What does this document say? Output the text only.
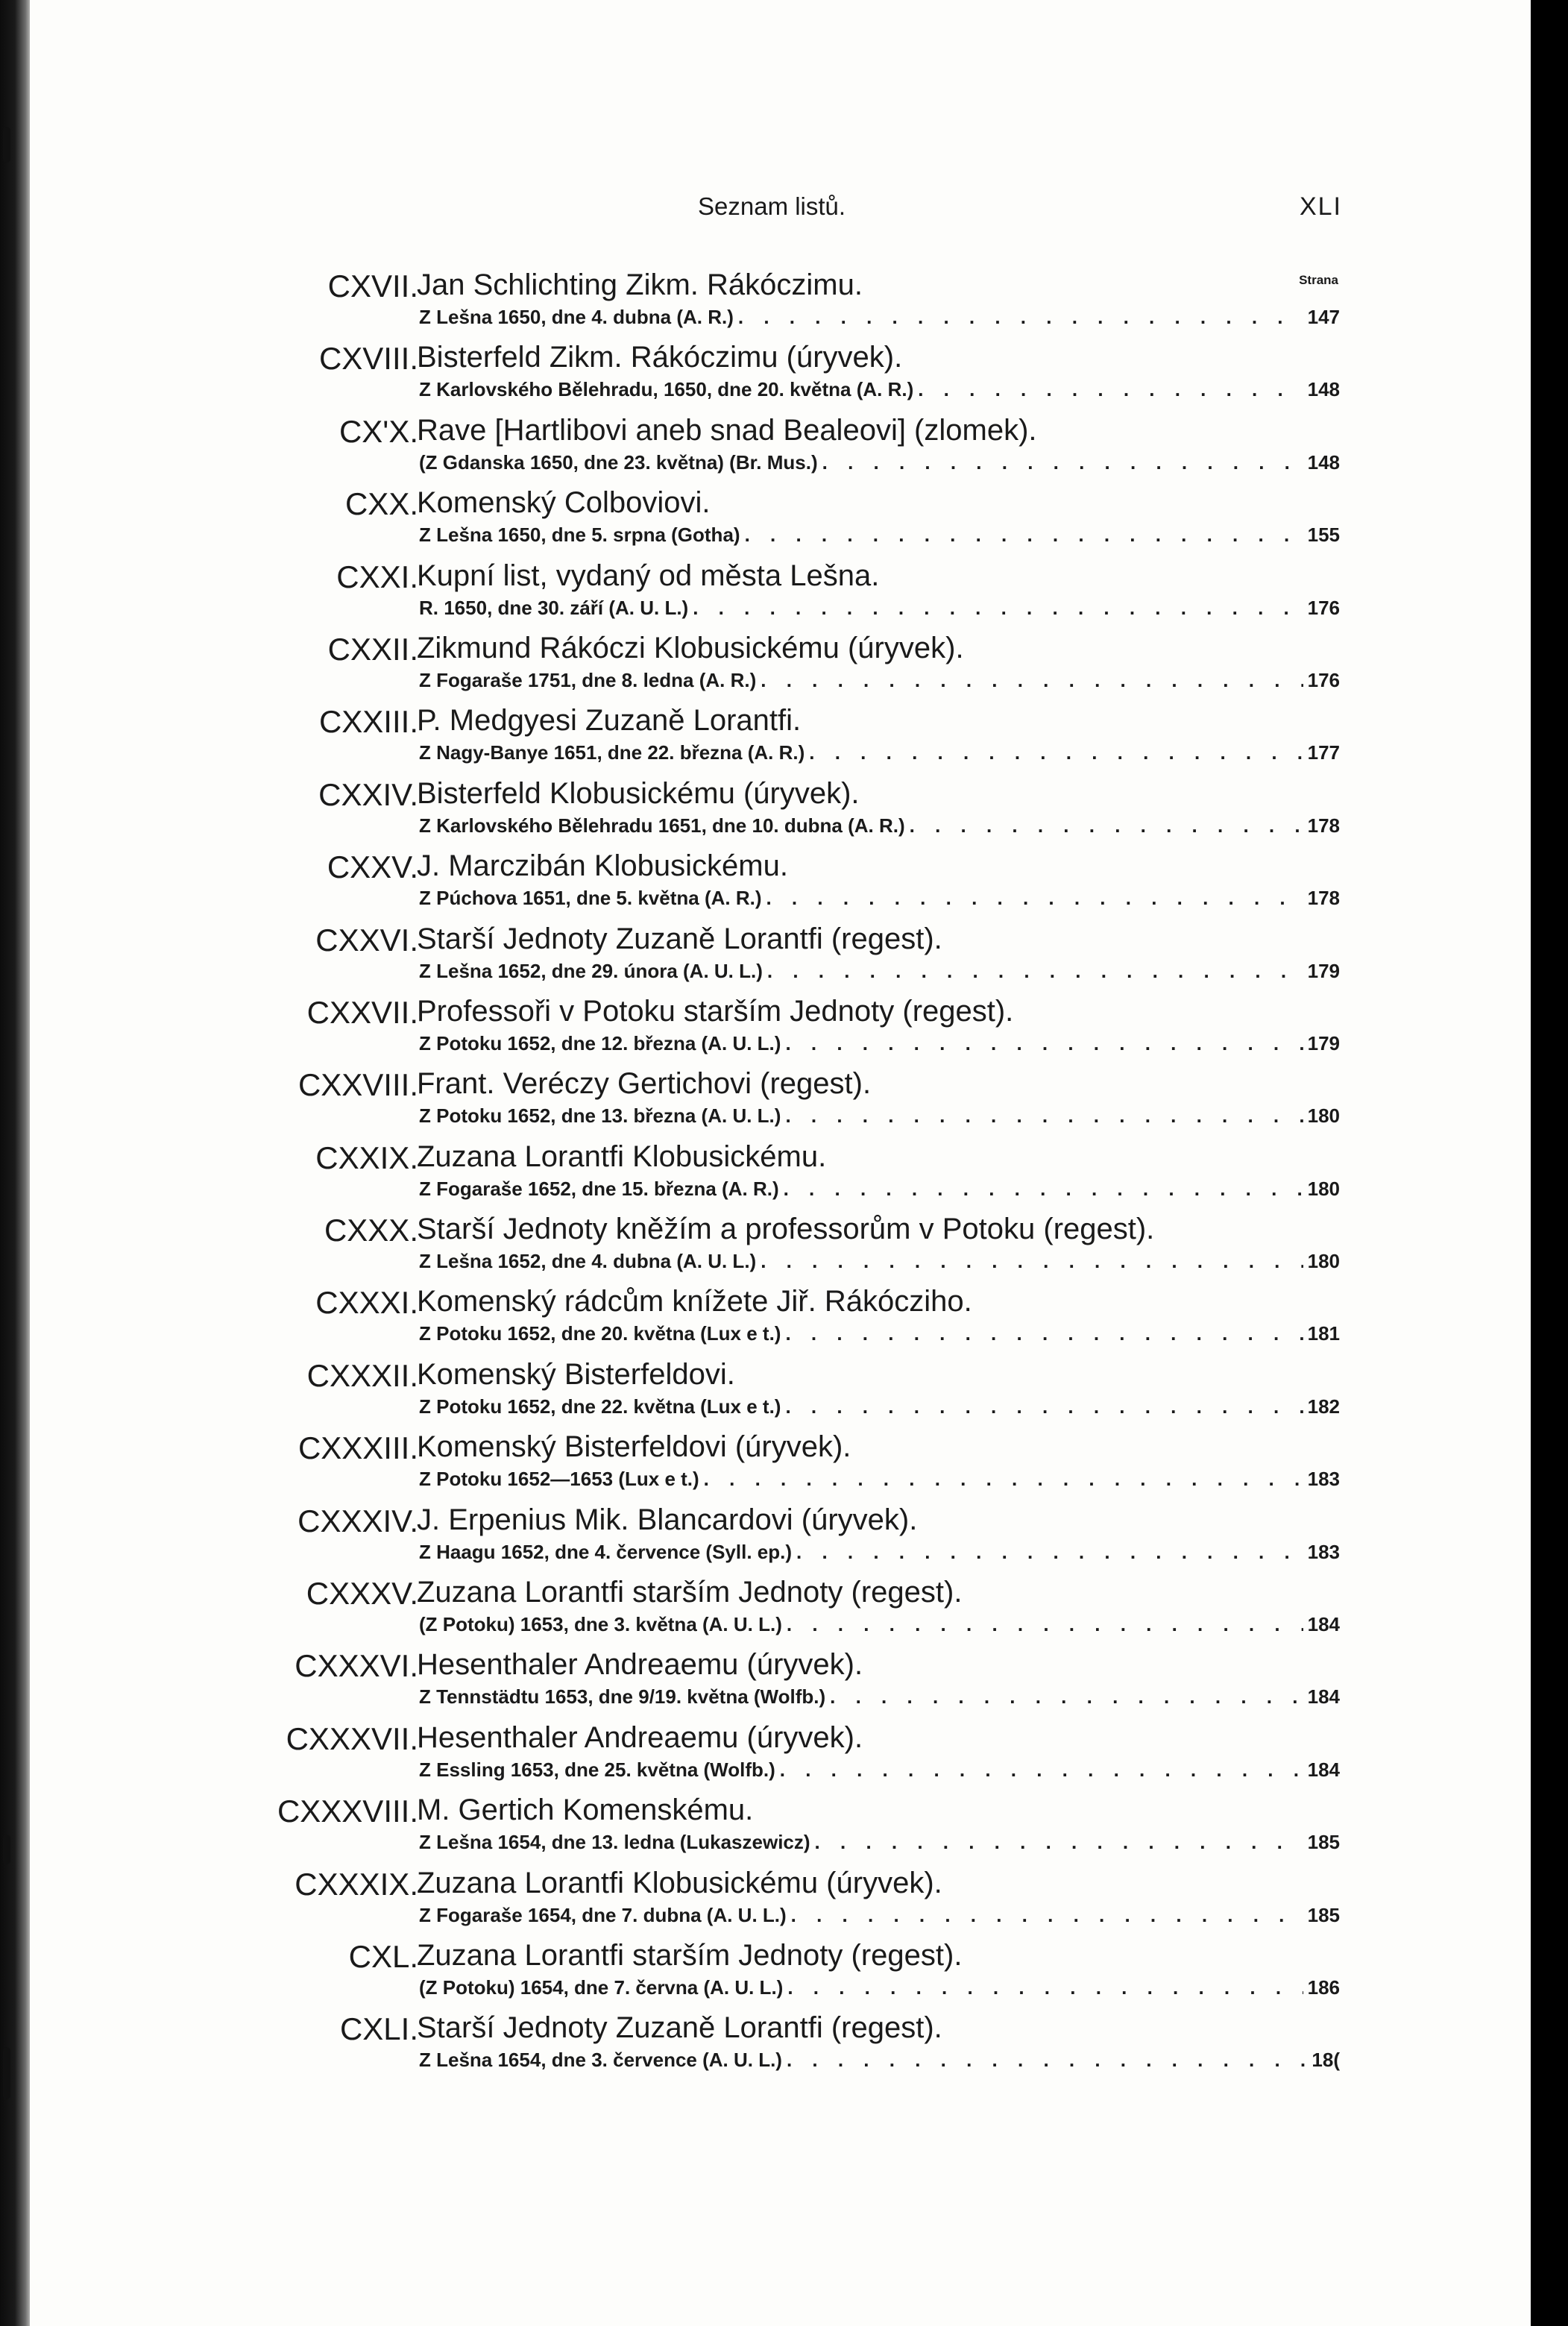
Seznam listů.	XLI
Strana
CXVII.
Jan Schlichting Zikm. Rákóczimu.
Z Lešna 1650, dne 4. dubna (A. R.) . . .	147
CXVIII.
Bisterfeld Zikm. Rákóczimu (úryvek).
Z Karlovského Bělehradu, 1650, dne 20. května (A. R.) . . .	148
CX'X.
Rave [Hartlibovi aneb snad Bealeovi] (zlomek).
(Z Gdanska 1650, dne 23. května) (Br. Mus.) . . .	148
CXX.
Komenský Colboviovi.
Z Lešna 1650, dne 5. srpna (Gotha) . . .	155
CXXI.
Kupní list, vydaný od města Lešna.
R. 1650, dne 30. září (A. U. L.) . . .	176
CXXII.
Zikmund Rákóczi Klobusickému (úryvek).
Z Fogaraše 1751, dne 8. ledna (A. R.) . . .	176
CXXIII.
P. Medgyesi Zuzaně Lorantfi.
Z Nagy-Banye 1651, dne 22. března (A. R.) . . .	177
CXXIV.
Bisterfeld Klobusickému (úryvek).
Z Karlovského Bělehradu 1651, dne 10. dubna (A. R.) . . .	178
CXXV.
J. Marczibán Klobusickému.
Z Púchova 1651, dne 5. května (A. R.) . . .	178
CXXVI.
Starší Jednoty Zuzaně Lorantfi (regest).
Z Lešna 1652, dne 29. února (A. U. L.) . . .	179
CXXVII.
Professoři v Potoku starším Jednoty (regest).
Z Potoku 1652, dne 12. března (A. U. L.) . . .	179
CXXVIII.
Frant. Veréczy Gertichovi (regest).
Z Potoku 1652, dne 13. března (A. U. L.) . . .	180
CXXIX.
Zuzana Lorantfi Klobusickému.
Z Fogaraše 1652, dne 15. března (A. R.) . . .	180
CXXX.
Starší Jednoty kněžím a professorům v Potoku (regest).
Z Lešna 1652, dne 4. dubna (A. U. L.) . . .	180
CXXXI.
Komenský rádcům knížete Jiř. Rákócziho.
Z Potoku 1652, dne 20. května (Lux e t.) . . .	181
CXXXII.
Komenský Bisterfeldovi.
Z Potoku 1652, dne 22. května (Lux e t.) . . .	182
CXXXIII.
Komenský Bisterfeldovi (úryvek).
Z Potoku 1652—1653 (Lux e t.) . . .	183
CXXXIV.
J. Erpenius Mik. Blancardovi (úryvek).
Z Haagu 1652, dne 4. července (Syll. ep.) . . .	183
CXXXV.
Zuzana Lorantfi starším Jednoty (regest).
(Z Potoku) 1653, dne 3. května (A. U. L.) . . .	184
CXXXVI.
Hesenthaler Andreaemu (úryvek).
Z Tennstädtu 1653, dne 9/19. května (Wolfb.) . . .	184
CXXXVII.
Hesenthaler Andreaemu (úryvek).
Z Essling 1653, dne 25. května (Wolfb.) . . .	184
CXXXVIII.
M. Gertich Komenskému.
Z Lešna 1654, dne 13. ledna (Lukaszewicz) . . .	185
CXXXIX.
Zuzana Lorantfi Klobusickému (úryvek).
Z Fogaraše 1654, dne 7. dubna (A. U. L.) . . .	185
CXL.
Zuzana Lorantfi starším Jednoty (regest).
(Z Potoku) 1654, dne 7. června (A. U. L.) . . .	186
CXLI.
Starší Jednoty Zuzaně Lorantfi (regest).
Z Lešna 1654, dne 3. července (A. U. L.) . . .	18(
